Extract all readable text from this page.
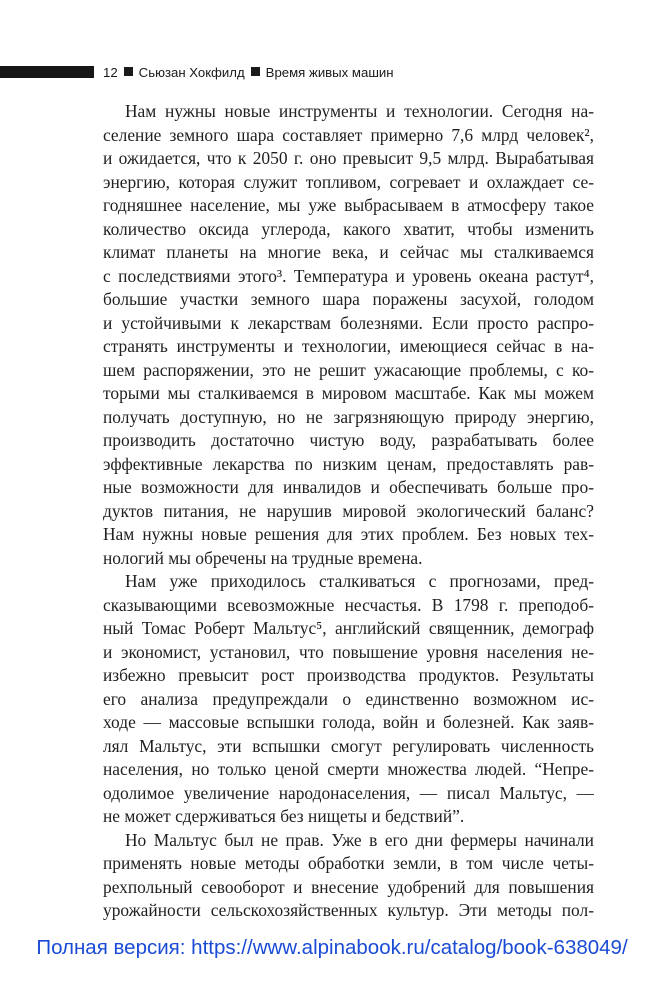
12 Сьюзан Хокфилд Время живых машин
Нам нужны новые инструменты и технологии. Сегодня на-
селение земного шара составляет примерно 7,6 млрд человек²,
и ожидается, что к 2050 г. оно превысит 9,5 млрд. Вырабатывая
энергию, которая служит топливом, согревает и охлаждает се-
годняшнее население, мы уже выбрасываем в атмосферу такое
количество оксида углерода, какого хватит, чтобы изменить
климат планеты на многие века, и сейчас мы сталкиваемся
с последствиями этого³. Температура и уровень океана растут⁴,
большие участки земного шара поражены засухой, голодом
и устойчивыми к лекарствам болезнями. Если просто распро-
странять инструменты и технологии, имеющиеся сейчас в на-
шем распоряжении, это не решит ужасающие проблемы, с ко-
торыми мы сталкиваемся в мировом масштабе. Как мы можем
получать доступную, но не загрязняющую природу энергию,
производить достаточно чистую воду, разрабатывать более
эффективные лекарства по низким ценам, предоставлять рав-
ные возможности для инвалидов и обеспечивать больше про-
дуктов питания, не нарушив мировой экологический баланс?
Нам нужны новые решения для этих проблем. Без новых тех-
нологий мы обречены на трудные времена.
Нам уже приходилось сталкиваться с прогнозами, пред-
сказывающими всевозможные несчастья. В 1798 г. преподоб-
ный Томас Роберт Мальтус⁵, английский священник, демограф
и экономист, установил, что повышение уровня населения не-
избежно превысит рост производства продуктов. Результаты
его анализа предупреждали о единственно возможном ис-
ходе — массовые вспышки голода, войн и болезней. Как заяв-
лял Мальтус, эти вспышки смогут регулировать численность
населения, но только ценой смерти множества людей. “Непре-
одолимое увеличение народонаселения, — писал Мальтус, —
не может сдерживаться без нищеты и бедствий”.
Но Мальтус был не прав. Уже в его дни фермеры начинали
применять новые методы обработки земли, в том числе четы-
рехпольный севооборот и внесение удобрений для повышения
урожайности сельскохозяйственных культур. Эти методы пол-
Полная версия: https://www.alpinabook.ru/catalog/book-638049/
